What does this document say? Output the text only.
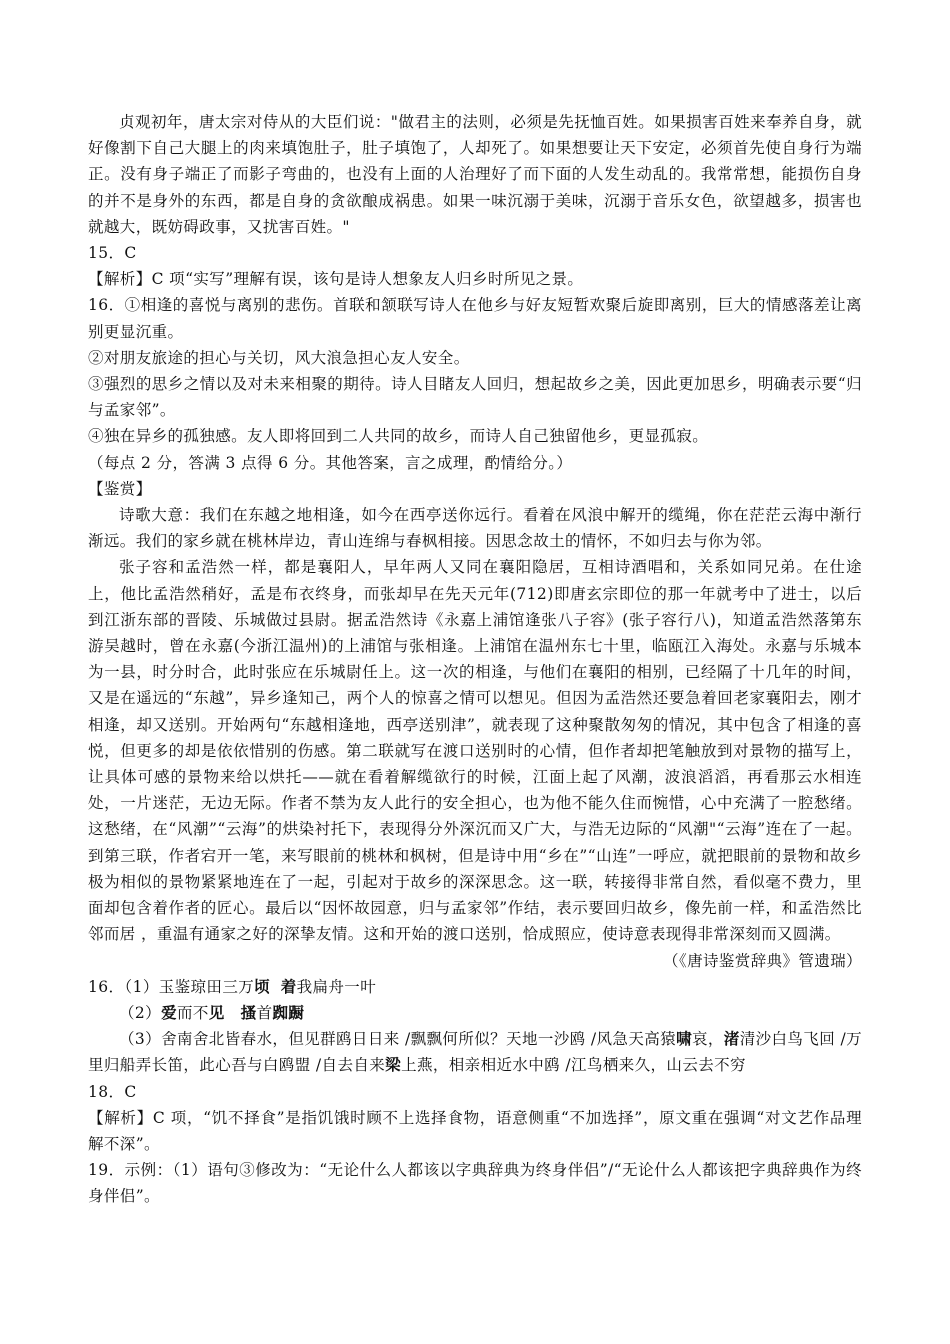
贞观初年，唐太宗对侍从的大臣们说："做君主的法则，必须是先抚恤百姓。如果损害百姓来奉养自身，就好像割下自己大腿上的肉来填饱肚子，肚子填饱了，人却死了。如果想要让天下安定，必须首先使自身行为端正。没有身子端正了而影子弯曲的，也没有上面的人治理好了而下面的人发生动乱的。我常常想，能损伤自身的并不是身外的东西，都是自身的贪欲酿成祸患。如果一味沉溺于美味，沉溺于音乐女色，欲望越多，损害也就越大，既妨碍政事，又扰害百姓。"

15．C

【解析】C 项“实写”理解有误，该句是诗人想象友人归乡时所见之景。

16．①相逢的喜悦与离别的悲伤。首联和颔联写诗人在他乡与好友短暂欢聚后旋即离别，巨大的情感落差让离别更显沉重。

②对朋友旅途的担心与关切，风大浪急担心友人安全。

③强烈的思乡之情以及对未来相聚的期待。诗人目睹友人回归，想起故乡之美，因此更加思乡，明确表示要“归与孟家邻”。

④独在异乡的孤独感。友人即将回到二人共同的故乡，而诗人自己独留他乡，更显孤寂。

（每点 2 分，答满 3 点得 6 分。其他答案，言之成理，酌情给分。）

【鉴赏】

诗歌大意：我们在东越之地相逢，如今在西亭送你远行。看着在风浪中解开的缆绳，你在茫茫云海中渐行渐远。我们的家乡就在桃林岸边，青山连绵与春枫相接。因思念故土的情怀，不如归去与你为邻。

张子容和孟浩然一样，都是襄阳人，早年两人又同在襄阳隐居，互相诗酒唱和，关系如同兄弟。在仕途上，他比孟浩然稍好，孟是布衣终身，而张却早在先天元年(712)即唐玄宗即位的那一年就考中了进士，以后到江浙东部的晋陵、乐城做过县尉。据孟浩然诗《永嘉上浦馆逢张八子容》(张子容行八)，知道孟浩然落第东游吴越时，曾在永嘉(今浙江温州)的上浦馆与张相逢。上浦馆在温州东七十里，临瓯江入海处。永嘉与乐城本为一县，时分时合，此时张应在乐城尉任上。这一次的相逢，与他们在襄阳的相别，已经隔了十几年的时间，又是在遥远的“东越”，异乡逢知己，两个人的惊喜之情可以想见。但因为孟浩然还要急着回老家襄阳去，刚才相逢，却又送别。开始两句“东越相逢地，西亭送别津”，就表现了这种聚散匆匆的情况，其中包含了相逢的喜悦，但更多的却是依依惜别的伤感。第二联就写在渡口送别时的心情，但作者却把笔触放到对景物的描写上，让具体可感的景物来给以烘托——就在看着解缆欲行的时候，江面上起了风潮，波浪滔滔，再看那云水相连处，一片迷茫，无边无际。作者不禁为友人此行的安全担心，也为他不能久住而惋惜，心中充满了一腔愁绪。这愁绪，在“风潮”“云海”的烘染衬托下，表现得分外深沉而又广大，与浩无边际的“风潮"“云海”连在了一起。到第三联，作者宕开一笔，来写眼前的桃林和枫树，但是诗中用“乡在”“山连”一呼应，就把眼前的景物和故乡极为相似的景物紧紧地连在了一起，引起对于故乡的深深思念。这一联，转接得非常自然，看似毫不费力，里面却包含着作者的匠心。最后以“因怀故园意，归与孟家邻”作结，表示要回归故乡，像先前一样，和孟浩然比邻而居 ，重温有通家之好的深挚友情。这和开始的渡口送别，恰成照应，使诗意表现得非常深刻而又圆满。

（《唐诗鉴赏辞典》管遗瑞）

16．（1）玉鉴琼田三万顷 着我扁舟一叶

（2）爱而不见 搔首踟蹰

（3）舍南舍北皆春水，但见群鸥日日来 /飘飘何所似？天地一沙鸥 /风急天高猿啸哀，渚清沙白鸟飞回 /万里归船弄长笛，此心吾与白鸥盟 /自去自来梁上燕，相亲相近水中鸥 /江鸟栖来久，山云去不穷

18．C

【解析】C 项，“饥不择食”是指饥饿时顾不上选择食物，语意侧重“不加选择”，原文重在强调“对文艺作品理解不深”。

19．示例：（1）语句③修改为：“无论什么人都该以字典辞典为终身伴侣”/“无论什么人都该把字典辞典作为终身伴侣”。
